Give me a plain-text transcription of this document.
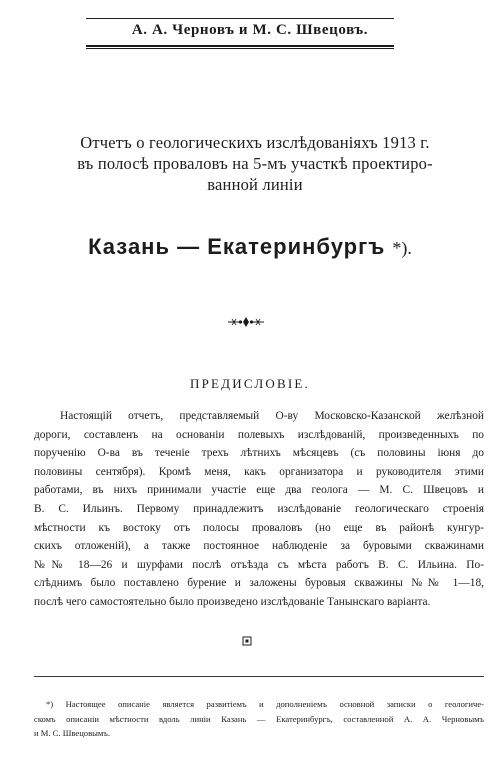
А. А. Черновъ и М. С. Швецовъ.
Отчетъ о геологическихъ изслѣдованіяхъ 1913 г.
въ полосѣ проваловъ на 5-мъ участкѣ проектиро-
ванной линіи
Казань — Екатеринбургъ *).
ПРЕДИСЛОВІЕ.
Настоящій отчетъ, представляемый О-ву Московско-Казанской желѣзной
дороги, составленъ на основаніи полевыхъ изслѣдованій, произведенныхъ по
порученію О-ва въ теченіе трехъ лѣтнихъ мѣсяцевъ (съ половины іюня до
половины сентября). Кромѣ меня, какъ организатора и руководителя этими
работами, въ нихъ принимали участіе еще два геолога — М. С. Швецовъ и
В. С. Ильинъ. Первому принадлежитъ изслѣдованіе геологическаго строенія
мѣстности къ востоку отъ полосы проваловъ (но еще въ районѣ кунгур-
скихъ отложеній), а также постоянное наблюденіе за буровыми скважинами
№№ 18—26 и шурфами послѣ отъѣзда съ мѣста работъ В. С. Ильина. По-
слѣднимъ было поставлено бурение и заложены буровыя скважины №№ 1—18,
послѣ чего самостоятельно было произведено изслѣдованіе Танынскаго варіанта.
*) Настоящее описаніе является развитіемъ и дополненіемъ основной записки о геологиче-
скомъ описаніи мѣстности вдоль линіи Казань — Екатеринбургъ, составленной А. А. Черновымъ
и М. С. Швецовымъ.
